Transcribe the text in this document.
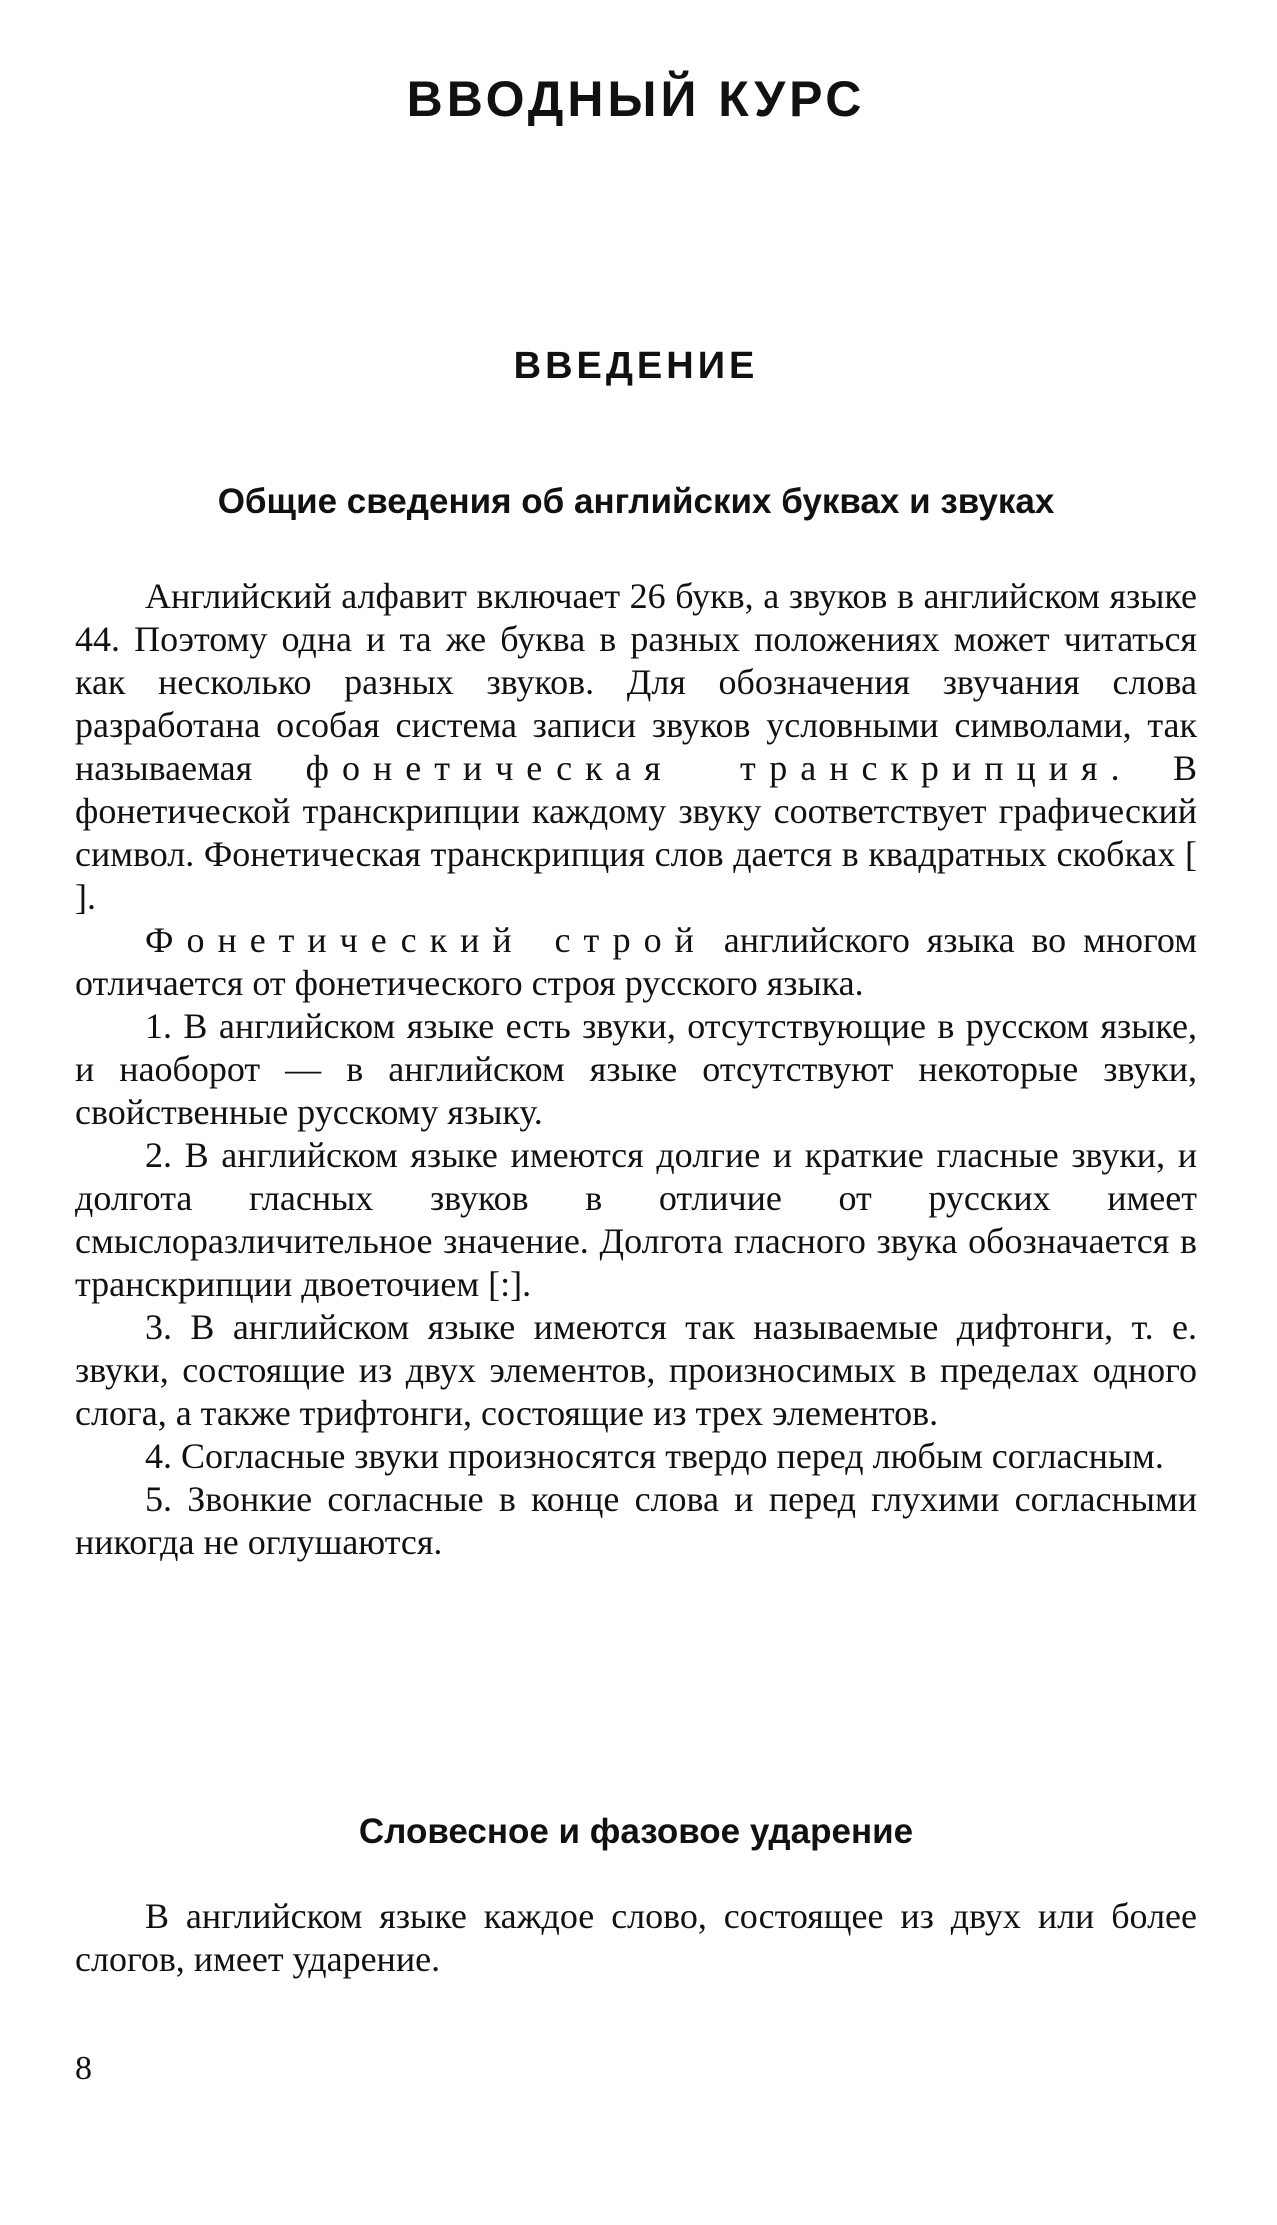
ВВОДНЫЙ КУРС
ВВЕДЕНИЕ
Общие сведения об английских буквах и звуках

Английский алфавит включает 26 букв, а звуков в английском языке 44. Поэтому одна и та же буква в разных положениях может читаться как несколько разных звуков. Для обозначения звучания слова разработана особая система записи звуков условными символами, так называемая фонетическая транскрипция. В фонетической транскрипции каждому звуку соответствует графический символ. Фонетическая транскрипция слов дается в квадратных скобках [ ].

Фонетический строй английского языка во многом отличается от фонетического строя русского языка.

1. В английском языке есть звуки, отсутствующие в русском языке, и наоборот — в английском языке отсутствуют некоторые звуки, свойственные русскому языку.

2. В английском языке имеются долгие и краткие гласные звуки, и долгота гласных звуков в отличие от русских имеет смыслоразличительное значение. Долгота гласного звука обозначается в транскрипции двоеточием [:].

3. В английском языке имеются так называемые дифтонги, т. е. звуки, состоящие из двух элементов, произносимых в пределах одного слога, а также трифтонги, состоящие из трех элементов.

4. Согласные звуки произносятся твердо перед любым согласным.

5. Звонкие согласные в конце слова и перед глухими согласными никогда не оглушаются.

Словесное и фазовое ударение

В английском языке каждое слово, состоящее из двух или более слогов, имеет ударение.

8
